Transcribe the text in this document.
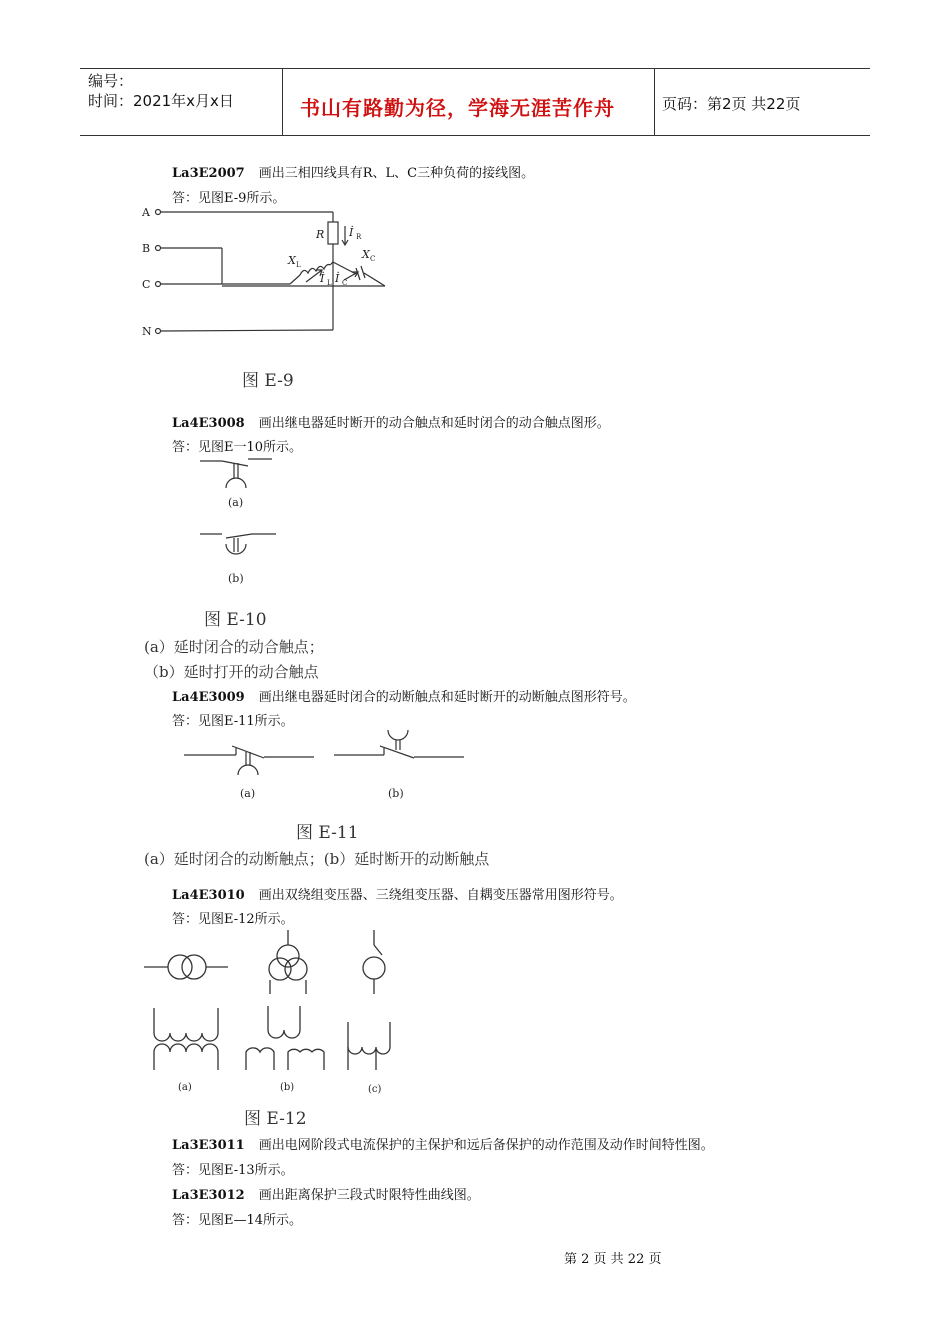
编号：
时间：2021年x月x日	书山有路勤为径，学海无涯苦作舟	页码：第2页 共22页
La3E2007 画出三相四线具有R、L、C三种负荷的接线图。
答：见图E-9所示。
A
B
C
N
R İ R
X L
İ L İ C
X C
图 E-9
La4E3008 画出继电器延时断开的动合触点和延时闭合的动合触点图形。
答：见图E一10所示。
(a)
(b)
图 E-10
(a）延时闭合的动合触点；
（b）延时打开的动合触点
La4E3009 画出继电器延时闭合的动断触点和延时断开的动断触点图形符号。
答：见图E-11所示。
(a)	(b)
图 E-11
(a）延时闭合的动断触点；(b）延时断开的动断触点
La4E3010 画出双绕组变压器、三绕组变压器、自耦变压器常用图形符号。
答：见图E-12所示。
(a)	(b)	(c)
图 E-12
La3E3011 画出电网阶段式电流保护的主保护和远后备保护的动作范围及动作时间特性图。
答：见图E-13所示。
La3E3012 画出距离保护三段式时限特性曲线图。
答：见图E—14所示。
第 2 页 共 22 页
